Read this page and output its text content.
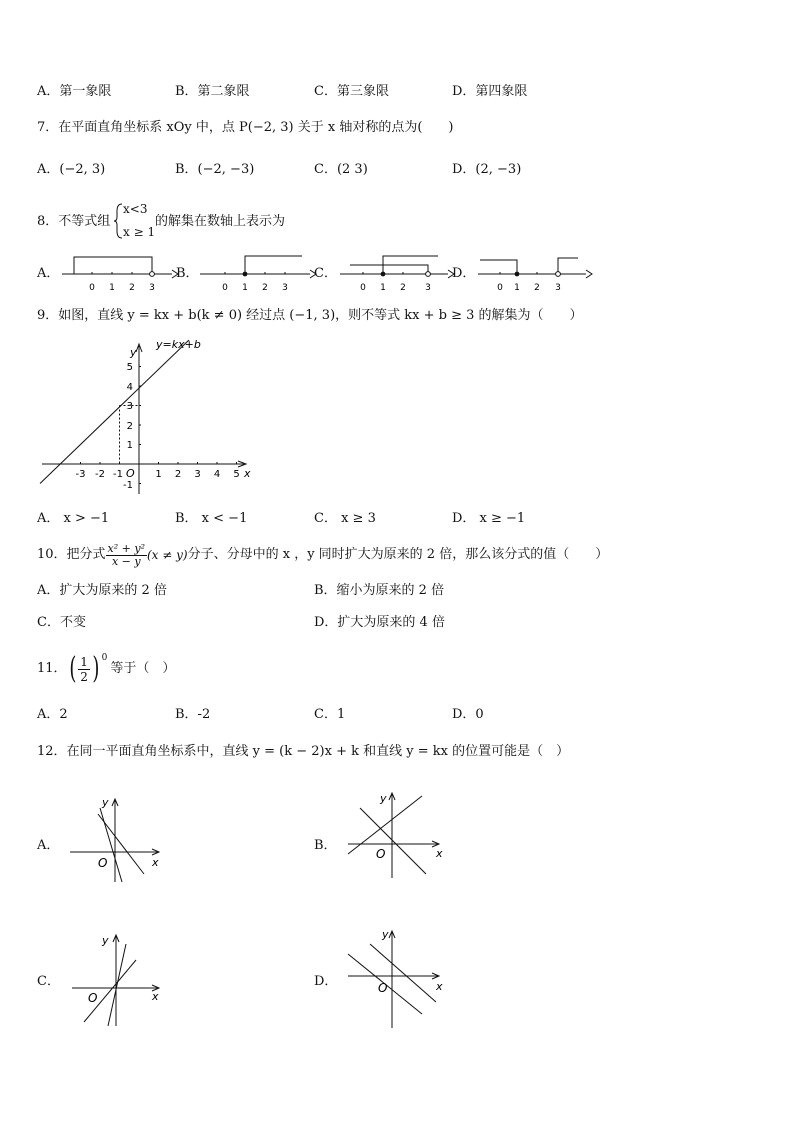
A．第一象限	B．第二象限	C．第三象限	D．第四象限
7．在平面直角坐标系 xOy 中，点 P(−2, 3) 关于 x 轴对称的点为(　　)
A．(−2, 3)	B．(−2, −3)	C．(2 3)	D．(2, −3)
8．不等式组
x<3
x ≥ 1
的解集在数轴上表示为
A．
0 1 2 3
B．
0 1 2 3
C．
0 1 2 3
D．
0 1 2 3
9．如图，直线 y = kx + b(k ≠ 0) 经过点 (−1, 3)，则不等式 kx + b ≥ 3 的解集为（　　）
y=kx+b
y
x
O
-3 -2 -1	1 2 3 4 5
5
4
3
2
1
-1
A． x > −1	B． x < −1	C． x ≥ 3	D． x ≥ −1
10．把分式 $\frac{\text{x² + y²}}{x - y} (x \ne y)$ 分子、分母中的 x ，y 同时扩大为原来的 2 倍，那么该分式的值（　　）
A．扩大为原来的 2 倍	B．缩小为原来的 2 倍
C．不变	D．扩大为原来的 4 倍
11． ( $\frac{1}{2}$ ) 0
等于（　）
A．2	B．-2	C．1	D．0
12．在同一平面直角坐标系中，直线 y = (k − 2)x + k 和直线 y = kx 的位置可能是（　）
A．
y
x
O
B．
y
x
O
C．
y
x
O
D．
y
x
O
